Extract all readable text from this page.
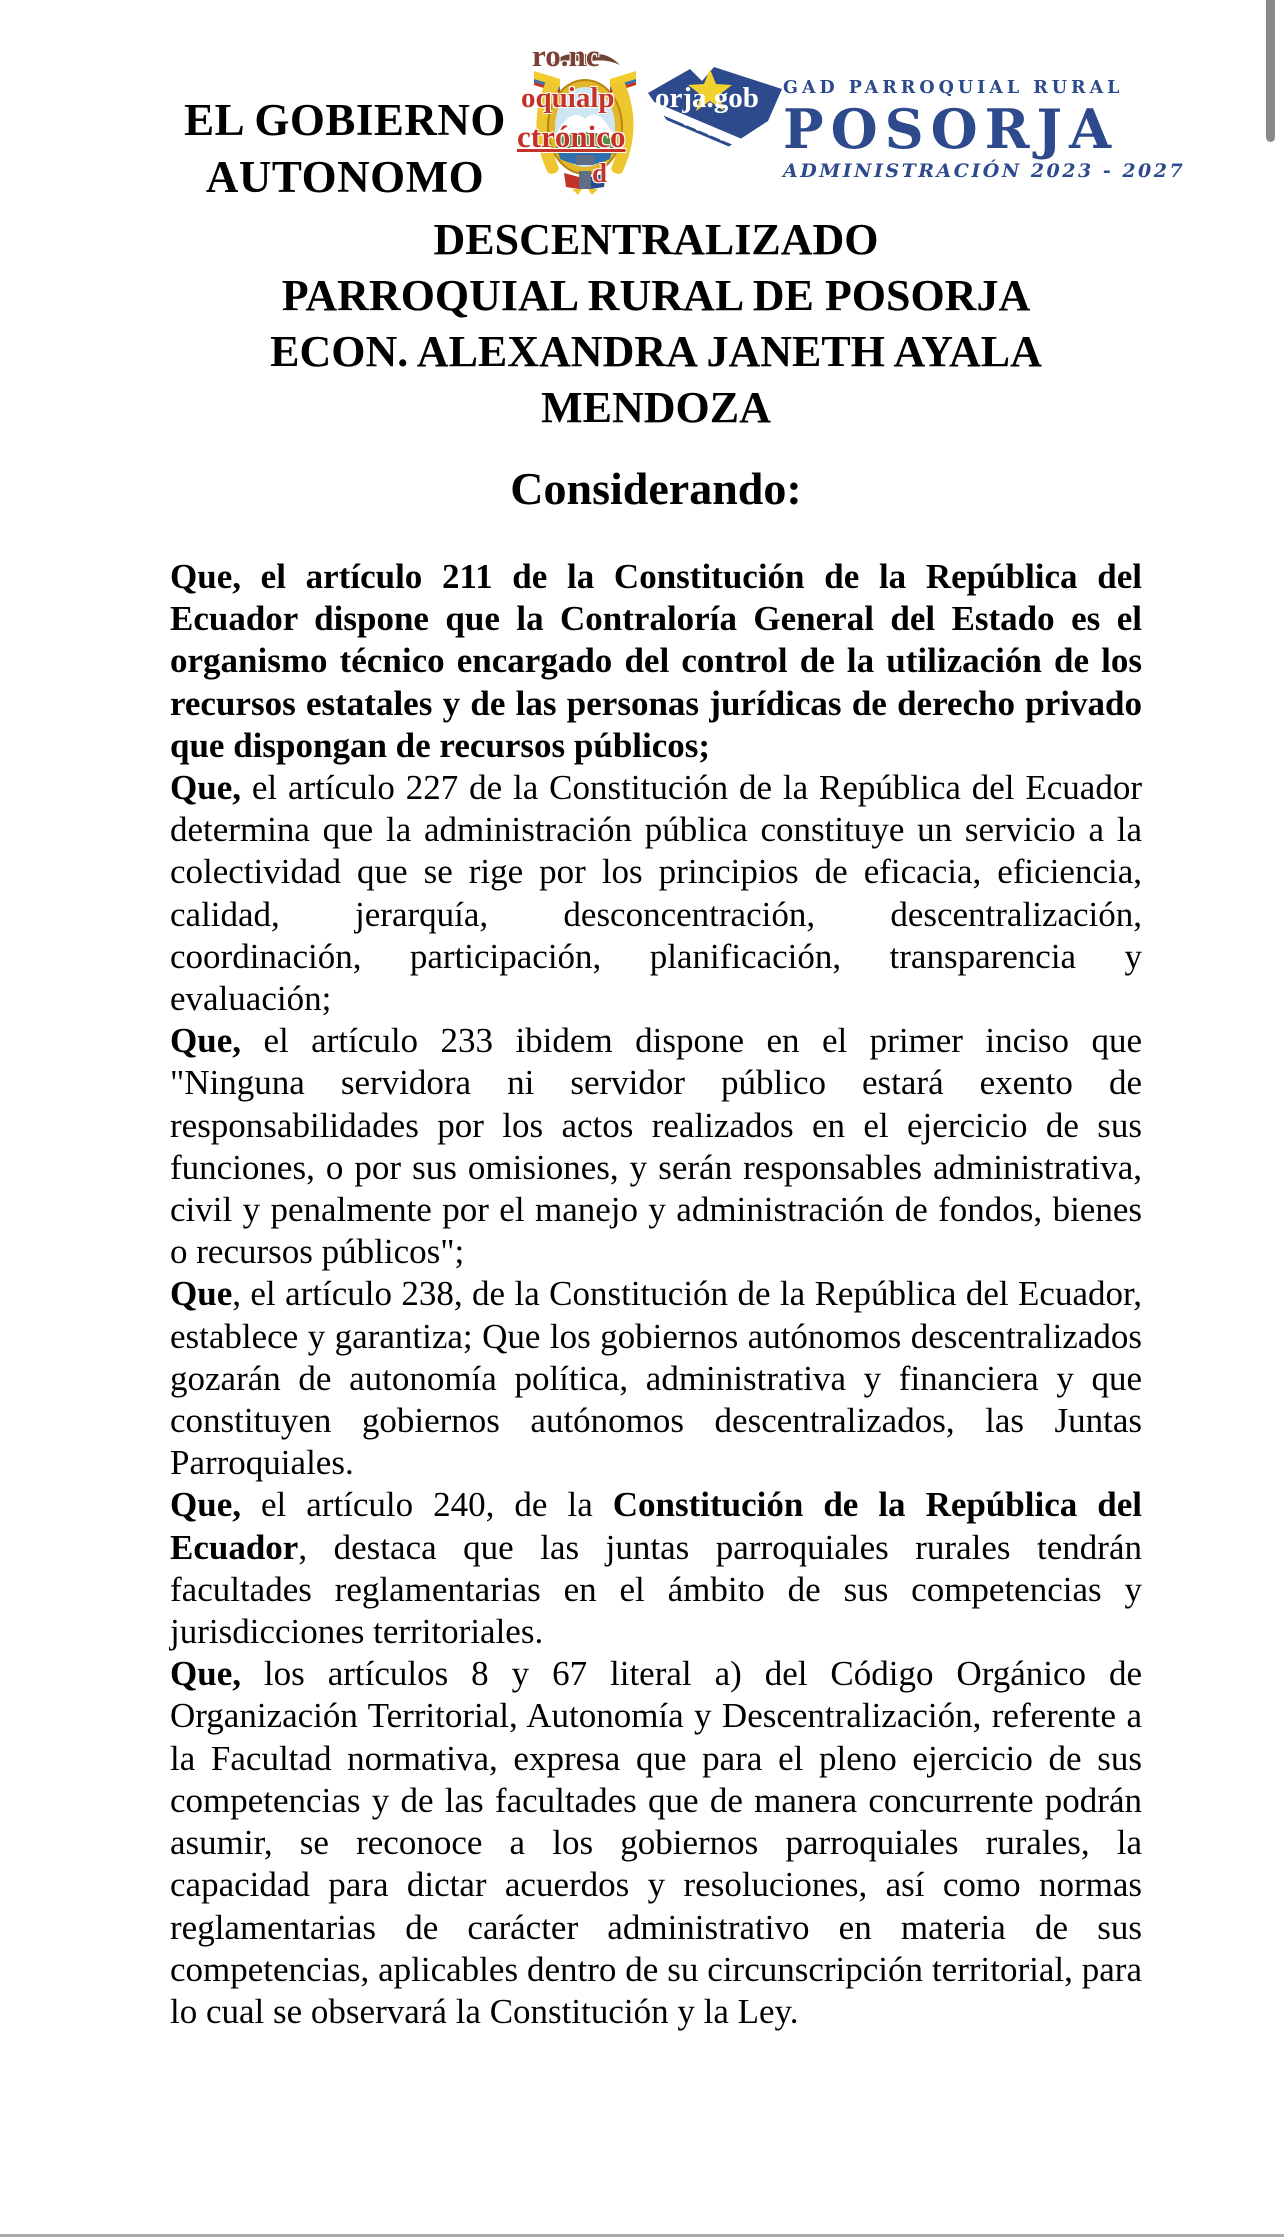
EL GOBIERNO
AUTONOMO
GAD PARROQUIAL RURAL
POSORJA
ADMINISTRACIÓN 2023 - 2027
ro.nc
oquialp orja.gob
ctrónico
d
DESCENTRALIZADO
PARROQUIAL RURAL DE POSORJA
ECON. ALEXANDRA JANETH AYALA
MENDOZA
Considerando:

Que, el artículo 211 de la Constitución de la República del Ecuador dispone que la Contraloría General del Estado es el organismo técnico encargado del control de la utilización de los recursos estatales y de las personas jurídicas de derecho privado que dispongan de recursos públicos;

Que, el artículo 227 de la Constitución de la República del Ecuador determina que la administración pública constituye un servicio a la colectividad que se rige por los principios de eficacia, eficiencia, calidad, jerarquía, desconcentración, descentralización, coordinación, participación, planificación, transparencia y evaluación;

Que, el artículo 233 ibidem dispone en el primer inciso que "Ninguna servidora ni servidor público estará exento de responsabilidades por los actos realizados en el ejercicio de sus funciones, o por sus omisiones, y serán responsables administrativa, civil y penalmente por el manejo y administración de fondos, bienes o recursos públicos";

Que, el artículo 238, de la Constitución de la República del Ecuador, establece y garantiza; Que los gobiernos autónomos descentralizados gozarán de autonomía política, administrativa y financiera y que constituyen gobiernos autónomos descentralizados, las Juntas Parroquiales.

Que, el artículo 240, de la Constitución de la República del Ecuador, destaca que las juntas parroquiales rurales tendrán facultades reglamentarias en el ámbito de sus competencias y jurisdicciones territoriales.

Que, los artículos 8 y 67 literal a) del Código Orgánico de Organización Territorial, Autonomía y Descentralización, referente a la Facultad normativa, expresa que para el pleno ejercicio de sus competencias y de las facultades que de manera concurrente podrán asumir, se reconoce a los gobiernos parroquiales rurales, la capacidad para dictar acuerdos y resoluciones, así como normas reglamentarias de carácter administrativo en materia de sus competencias, aplicables dentro de su circunscripción territorial, para lo cual se observará la Constitución y la Ley.
